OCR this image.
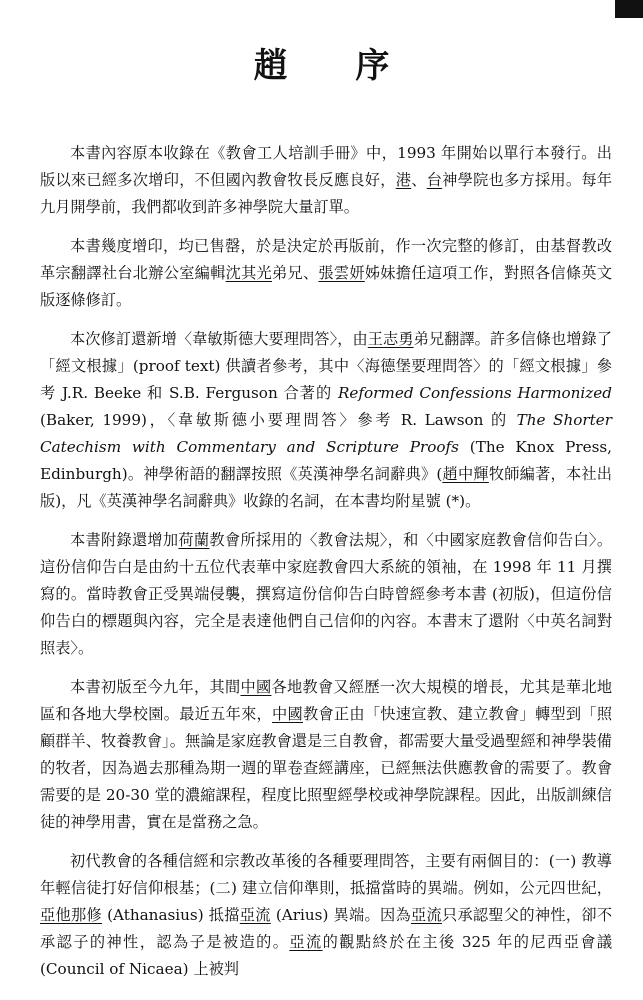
趙 序

本書內容原本收錄在《教會工人培訓手冊》中，1993 年開始以單行本發行。出版以來已經多次增印，不但國內教會牧長反應良好，港、台神學院也多方採用。每年九月開學前，我們都收到許多神學院大量訂單。

本書幾度增印，均已售罄，於是決定於再版前，作一次完整的修訂，由基督教改革宗翻譯社台北辦公室編輯沈其光弟兄、張雲妍姊妹擔任這項工作，對照各信條英文版逐條修訂。

本次修訂還新增〈韋敏斯德大要理問答〉，由王志勇弟兄翻譯。許多信條也增錄了「經文根據」(proof text) 供讀者參考，其中〈海德堡要理問答〉的「經文根據」參考 J.R. Beeke 和 S.B. Ferguson 合著的 Reformed Confessions Harmonized (Baker, 1999)，〈韋敏斯德小要理問答〉參考 R. Lawson 的 The Shorter Catechism with Commentary and Scripture Proofs (The Knox Press, Edinburgh)。神學術語的翻譯按照《英漢神學名詞辭典》(趙中輝牧師編著，本社出版)，凡《英漢神學名詞辭典》收錄的名詞，在本書均附星號 (*)。

本書附錄還增加荷蘭教會所採用的〈教會法規〉，和〈中國家庭教會信仰告白〉。這份信仰告白是由約十五位代表華中家庭教會四大系統的領袖，在 1998 年 11 月撰寫的。當時教會正受異端侵襲，撰寫這份信仰告白時曾經參考本書 (初版)，但這份信仰告白的標題與內容，完全是表達他們自己信仰的內容。本書末了還附〈中英名詞對照表〉。

本書初版至今九年，其間中國各地教會又經歷一次大規模的增長，尤其是華北地區和各地大學校園。最近五年來，中國教會正由「快速宣教、建立教會」轉型到「照顧群羊、牧養教會」。無論是家庭教會還是三自教會，都需要大量受過聖經和神學裝備的牧者，因為過去那種為期一週的單卷查經講座，已經無法供應教會的需要了。教會需要的是 20-30 堂的濃縮課程，程度比照聖經學校或神學院課程。因此，出版訓練信徒的神學用書，實在是當務之急。

初代教會的各種信經和宗教改革後的各種要理問答，主要有兩個目的：(一) 教導年輕信徒打好信仰根基；(二) 建立信仰準則，抵擋當時的異端。例如，公元四世紀，亞他那修 (Athanasius) 抵擋亞流 (Arius) 異端。因為亞流只承認聖父的神性，卻不承認子的神性，認為子是被造的。亞流的觀點終於在主後 325 年的尼西亞會議 (Council of Nicaea) 上被判
